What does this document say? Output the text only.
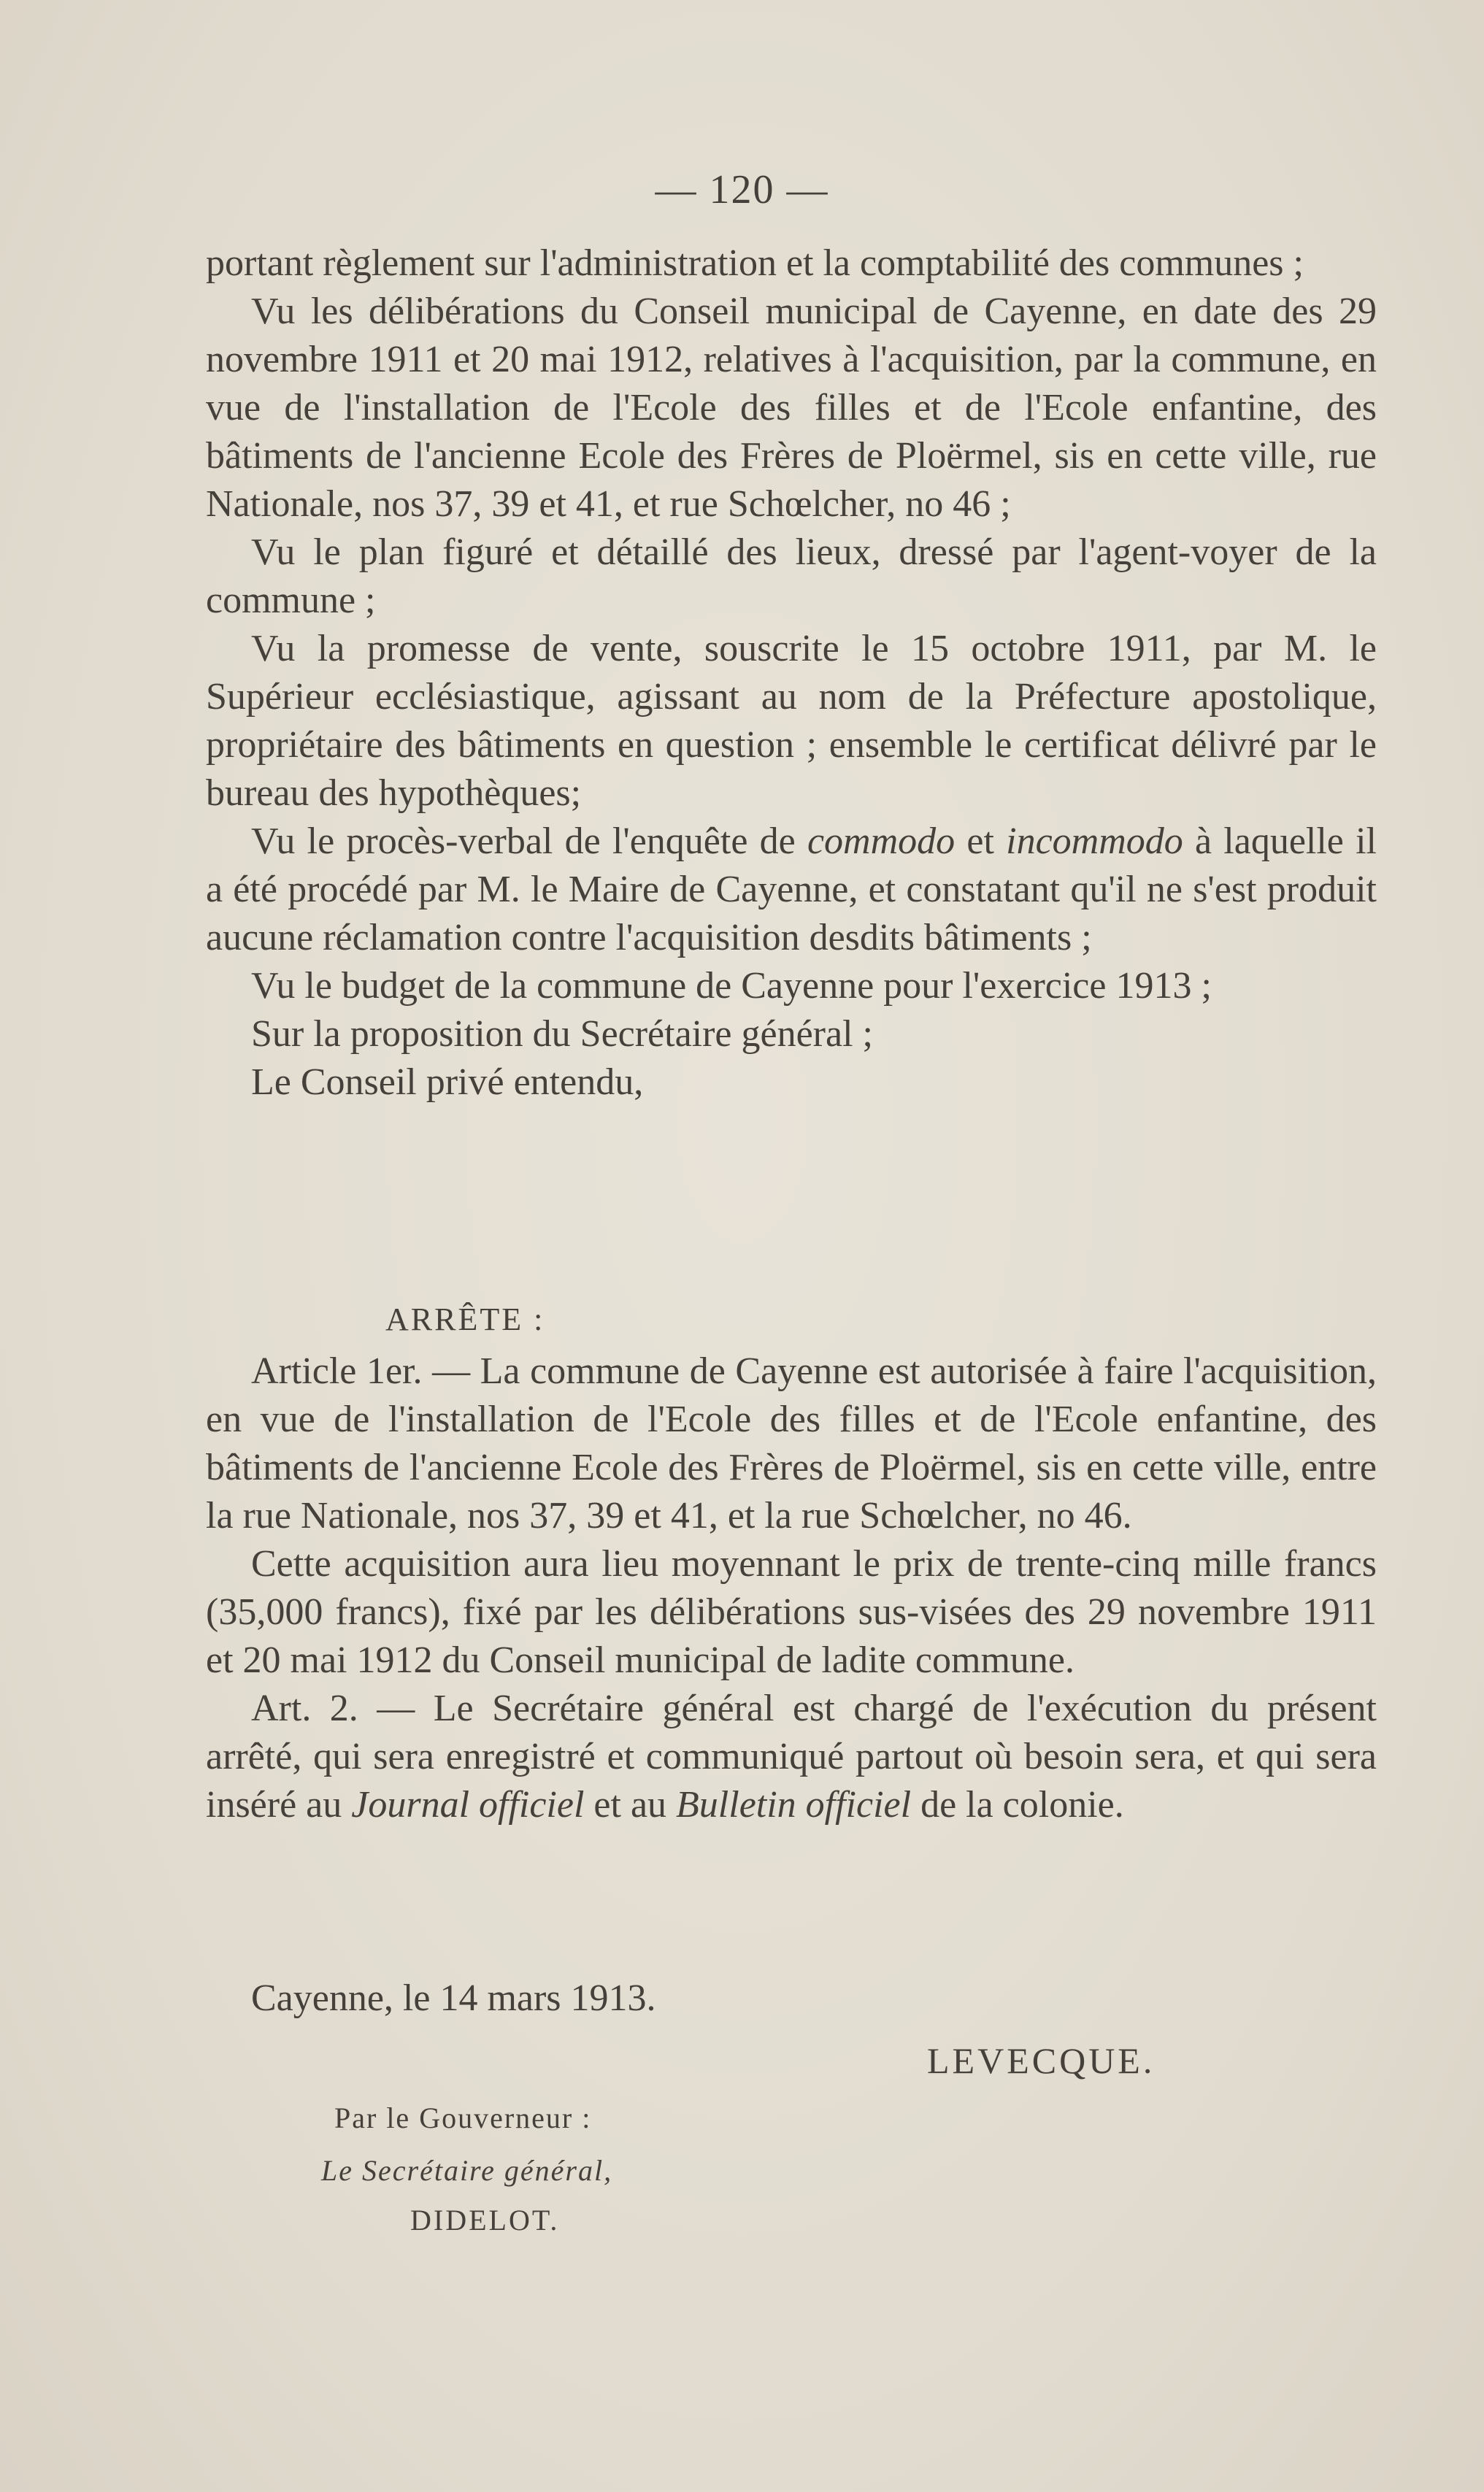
— 120 —

portant règlement sur l'administration et la comptabilité des communes ;

Vu les délibérations du Conseil municipal de Cayenne, en date des 29 novembre 1911 et 20 mai 1912, relatives à l'acquisition, par la commune, en vue de l'installation de l'Ecole des filles et de l'Ecole enfantine, des bâtiments de l'ancienne Ecole des Frères de Ploërmel, sis en cette ville, rue Nationale, nos 37, 39 et 41, et rue Schœlcher, no 46 ;

Vu le plan figuré et détaillé des lieux, dressé par l'agent-voyer de la commune ;

Vu la promesse de vente, souscrite le 15 octobre 1911, par M. le Supérieur ecclésiastique, agissant au nom de la Préfecture apostolique, propriétaire des bâtiments en question ; ensemble le certificat délivré par le bureau des hypothèques;

Vu le procès-verbal de l'enquête de commodo et incommodo à laquelle il a été procédé par M. le Maire de Cayenne, et constatant qu'il ne s'est produit aucune réclamation contre l'acquisition desdits bâtiments ;

Vu le budget de la commune de Cayenne pour l'exercice 1913 ;

Sur la proposition du Secrétaire général ;

Le Conseil privé entendu,

ARRÊTE :

Article 1er. — La commune de Cayenne est autorisée à faire l'acquisition, en vue de l'installation de l'Ecole des filles et de l'Ecole enfantine, des bâtiments de l'ancienne Ecole des Frères de Ploërmel, sis en cette ville, entre la rue Nationale, nos 37, 39 et 41, et la rue Schœlcher, no 46.

Cette acquisition aura lieu moyennant le prix de trente-cinq mille francs (35,000 francs), fixé par les délibérations sus-visées des 29 novembre 1911 et 20 mai 1912 du Conseil municipal de ladite commune.

Art. 2. — Le Secrétaire général est chargé de l'exécution du présent arrêté, qui sera enregistré et communiqué partout où besoin sera, et qui sera inséré au Journal officiel et au Bulletin officiel de la colonie.

Cayenne, le 14 mars 1913.
LEVECQUE.
Par le Gouverneur :
Le Secrétaire général,
DIDELOT.
